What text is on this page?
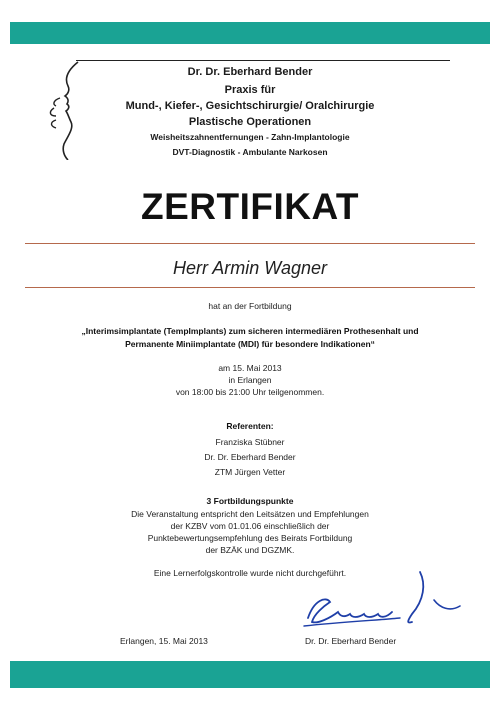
Dr. Dr. Eberhard Bender
Praxis für
Mund-, Kiefer-, Gesichtschirurgie/ Oralchirurgie
Plastische Operationen
Weisheitszahnentfernungen - Zahn-Implantologie
DVT-Diagnostik - Ambulante Narkosen
ZERTIFIKAT
Herr Armin Wagner
hat an der Fortbildung
„Interimsimplantate (TempImplants) zum sicheren intermediären Prothesenhalt und
Permanente Miniimplantate (MDI) für besondere Indikationen“
am 15. Mai 2013
in Erlangen
von 18:00 bis 21:00 Uhr teilgenommen.
Referenten:
Franziska Stübner
Dr. Dr. Eberhard Bender
ZTM Jürgen Vetter
3 Fortbildungspunkte
Die Veranstaltung entspricht den Leitsätzen und Empfehlungen
der KZBV vom 01.01.06 einschließlich der
Punktebewertungsempfehlung des Beirats Fortbildung
der BZÄK und DGZMK.
Eine Lernerfolgskontrolle wurde nicht durchgeführt.
Erlangen, 15. Mai 2013	Dr. Dr. Eberhard Bender
